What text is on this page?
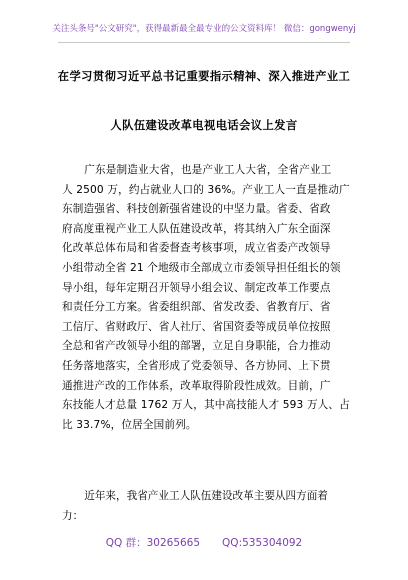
关注头条号"公文研究"，获得最新最全最专业的公文资料库！ 微信：gongwenyj
在学习贯彻习近平总书记重要指示精神、深入推进产业工
人队伍建设改革电视电话会议上发言
广东是制造业大省，也是产业工人大省，全省产业工
人 2500 万，约占就业人口的 36%。产业工人一直是推动广
东制造强省、科技创新强省建设的中坚力量。省委、省政
府高度重视产业工人队伍建设改革，将其纳入广东全面深
化改革总体布局和省委督查考核事项，成立省委产改领导
小组带动全省 21 个地级市全部成立市委领导担任组长的领
导小组，每年定期召开领导小组会议、制定改革工作要点
和责任分工方案。省委组织部、省发改委、省教育厅、省
工信厅、省财政厅、省人社厅、省国资委等成员单位按照
全总和省产改领导小组的部署，立足自身职能，合力推动
任务落地落实，全省形成了党委领导、各方协同、上下贯
通推进产改的工作体系，改革取得阶段性成效。目前，广
东技能人才总量 1762 万人，其中高技能人才 593 万人、占
比 33.7%，位居全国前列。
近年来，我省产业工人队伍建设改革主要从四方面着
力：
QQ 群：30265665 QQ:535304092
